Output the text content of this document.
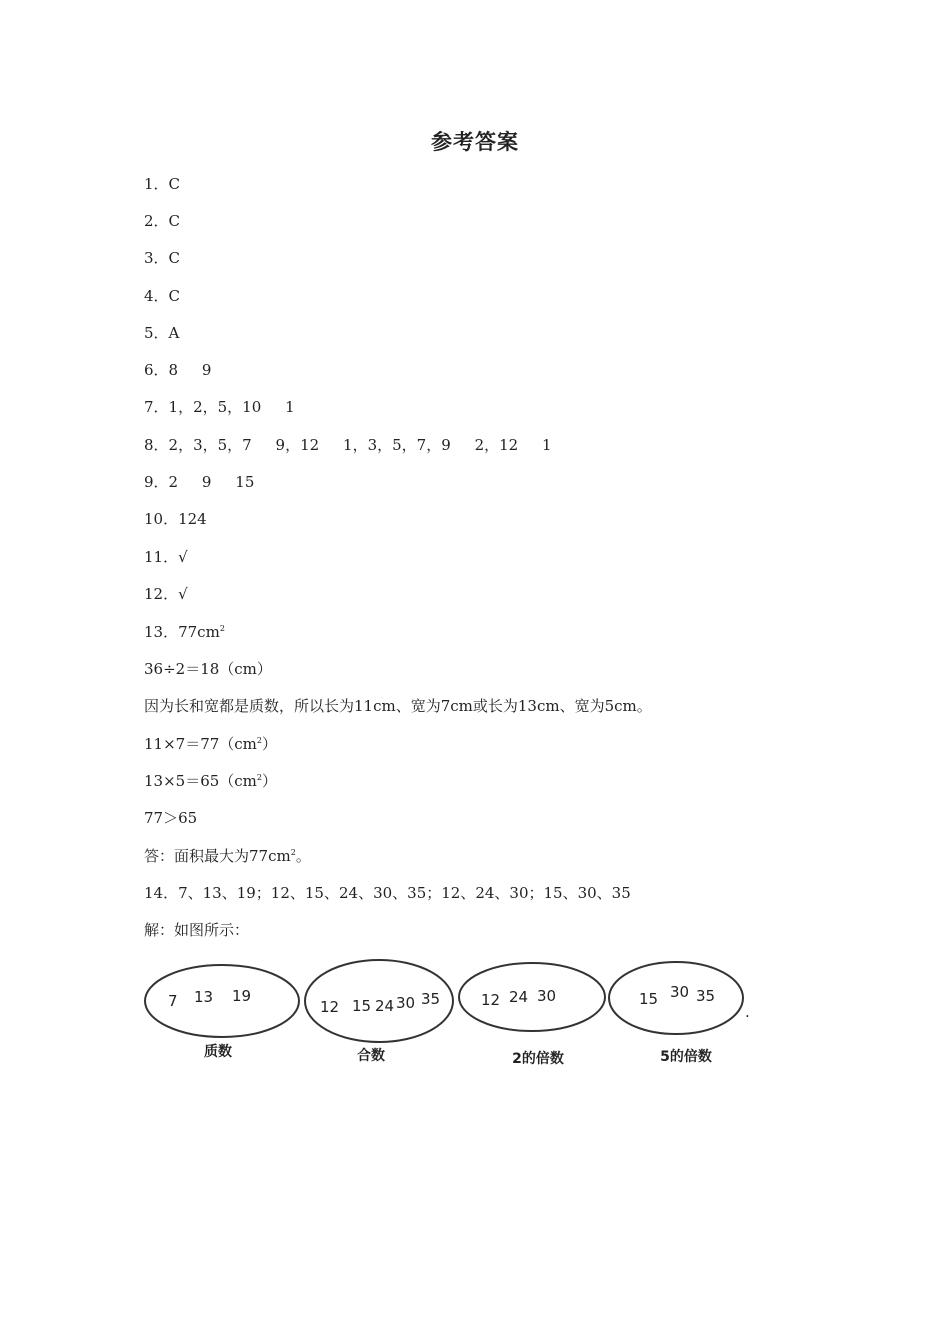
参考答案
1．C
2．C
3．C
4．C
5．A
6．8     9
7．1，2，5，10     1
8．2，3，5，7     9，12     1，3，5，7，9     2，12     1
9．2     9     15
10．124
11．√
12．√
13．$77cm^2$
36÷2＝18（cm）
因为长和宽都是质数，所以长为11cm、宽为7cm或长为13cm、宽为5cm。
$11\times 7=77(cm^2)$
$13\times 5=65(cm^2)$
77＞65
答：面积最大为$77cm^2$。
14．7、13、19；12、15、24、30、35；12、24、30；15、30、35
解：如图所示：
7 13 19
质数
12 15 24 30 35
合数
12 24 30
2的倍数
15 30 35
5的倍数
.
